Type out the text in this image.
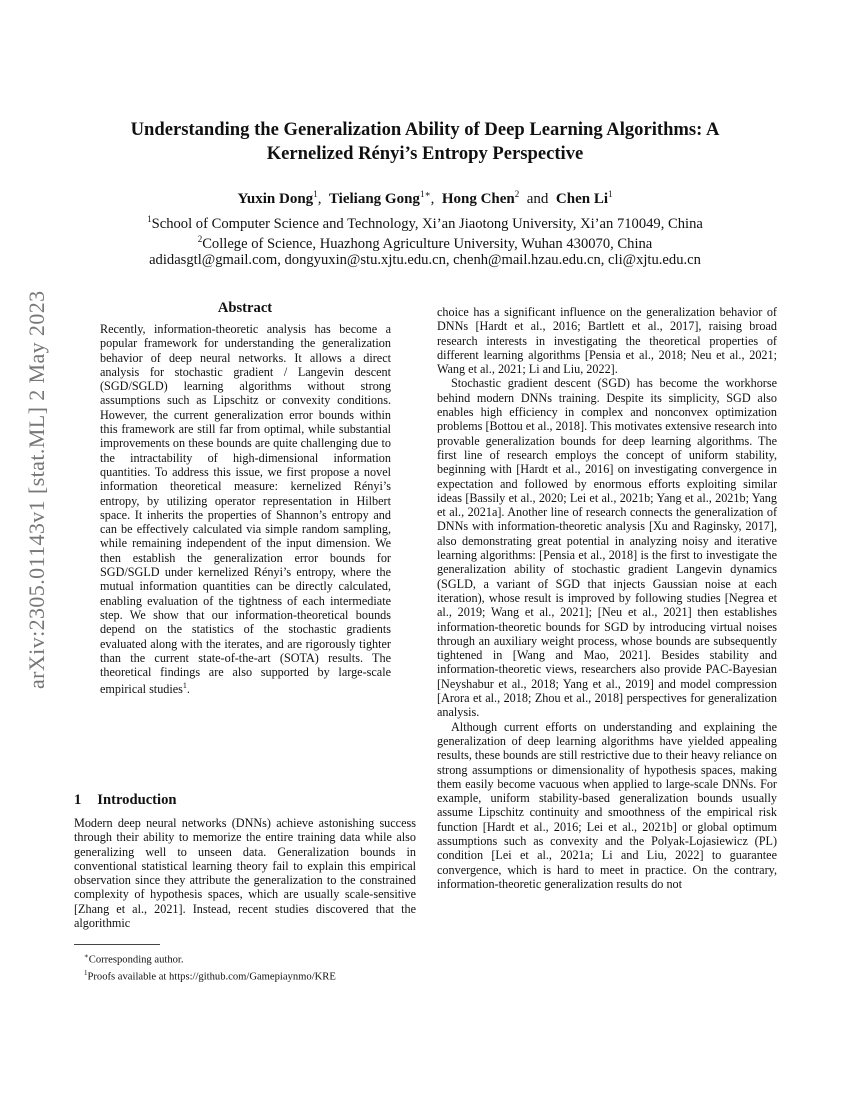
arXiv:2305.01143v1 [stat.ML] 2 May 2023
Understanding the Generalization Ability of Deep Learning Algorithms: A
Kernelized Rényi’s Entropy Perspective
Yuxin Dong$^1$, Tieliang Gong$^{1∗}$, Hong Chen$^2$ and Chen Li$^1$
$^1$School of Computer Science and Technology, Xi’an Jiaotong University, Xi’an 710049, China
$^2$College of Science, Huazhong Agriculture University, Wuhan 430070, China
adidasgtl@gmail.com, dongyuxin@stu.xjtu.edu.cn, chenh@mail.hzau.edu.cn, cli@xjtu.edu.cn
Abstract

Recently, information-theoretic analysis has become a popular framework for understanding the generalization behavior of deep neural networks. It allows a direct analysis for stochastic gradient / Langevin descent (SGD/SGLD) learning algorithms without strong assumptions such as Lipschitz or convexity conditions. However, the current generalization error bounds within this framework are still far from optimal, while substantial improvements on these bounds are quite challenging due to the intractability of high-dimensional information quantities. To address this issue, we first propose a novel information theoretical measure: kernelized Rényi’s entropy, by utilizing operator representation in Hilbert space. It inherits the properties of Shannon’s entropy and can be effectively calculated via simple random sampling, while remaining independent of the input dimension. We then establish the generalization error bounds for SGD/SGLD under kernelized Rényi’s entropy, where the mutual information quantities can be directly calculated, enabling evaluation of the tightness of each intermediate step. We show that our information-theoretical bounds depend on the statistics of the stochastic gradients evaluated along with the iterates, and are rigorously tighter than the current state-of-the-art (SOTA) results. The theoretical findings are also supported by large-scale empirical studies$^1$.

1 Introduction

Modern deep neural networks (DNNs) achieve astonishing success through their ability to memorize the entire training data while also generalizing well to unseen data. Generalization bounds in conventional statistical learning theory fail to explain this empirical observation since they attribute the generalization to the constrained complexity of hypothesis spaces, which are usually scale-sensitive [Zhang et al., 2021]. Instead, recent studies discovered that the algorithmic

∗Corresponding author.
$^1$Proofs available at https://github.com/Gamepiaynmo/KRE

choice has a significant influence on the generalization behavior of DNNs [Hardt et al., 2016; Bartlett et al., 2017], raising broad research interests in investigating the theoretical properties of different learning algorithms [Pensia et al., 2018; Neu et al., 2021; Wang et al., 2021; Li and Liu, 2022].

Stochastic gradient descent (SGD) has become the workhorse behind modern DNNs training. Despite its simplicity, SGD also enables high efficiency in complex and nonconvex optimization problems [Bottou et al., 2018]. This motivates extensive research into provable generalization bounds for deep learning algorithms. The first line of research employs the concept of uniform stability, beginning with [Hardt et al., 2016] on investigating convergence in expectation and followed by enormous efforts exploiting similar ideas [Bassily et al., 2020; Lei et al., 2021b; Yang et al., 2021b; Yang et al., 2021a]. Another line of research connects the generalization of DNNs with information-theoretic analysis [Xu and Raginsky, 2017], also demonstrating great potential in analyzing noisy and iterative learning algorithms: [Pensia et al., 2018] is the first to investigate the generalization ability of stochastic gradient Langevin dynamics (SGLD, a variant of SGD that injects Gaussian noise at each iteration), whose result is improved by following studies [Negrea et al., 2019; Wang et al., 2021]; [Neu et al., 2021] then establishes information-theoretic bounds for SGD by introducing virtual noises through an auxiliary weight process, whose bounds are subsequently tightened in [Wang and Mao, 2021]. Besides stability and information-theoretic views, researchers also provide PAC-Bayesian [Neyshabur et al., 2018; Yang et al., 2019] and model compression [Arora et al., 2018; Zhou et al., 2018] perspectives for generalization analysis.

Although current efforts on understanding and explaining the generalization of deep learning algorithms have yielded appealing results, these bounds are still restrictive due to their heavy reliance on strong assumptions or dimensionality of hypothesis spaces, making them easily become vacuous when applied to large-scale DNNs. For example, uniform stability-based generalization bounds usually assume Lipschitz continuity and smoothness of the empirical risk function [Hardt et al., 2016; Lei et al., 2021b] or global optimum assumptions such as convexity and the Polyak-Lojasiewicz (PL) condition [Lei et al., 2021a; Li and Liu, 2022] to guarantee convergence, which is hard to meet in practice. On the contrary, information-theoretic generalization results do not
